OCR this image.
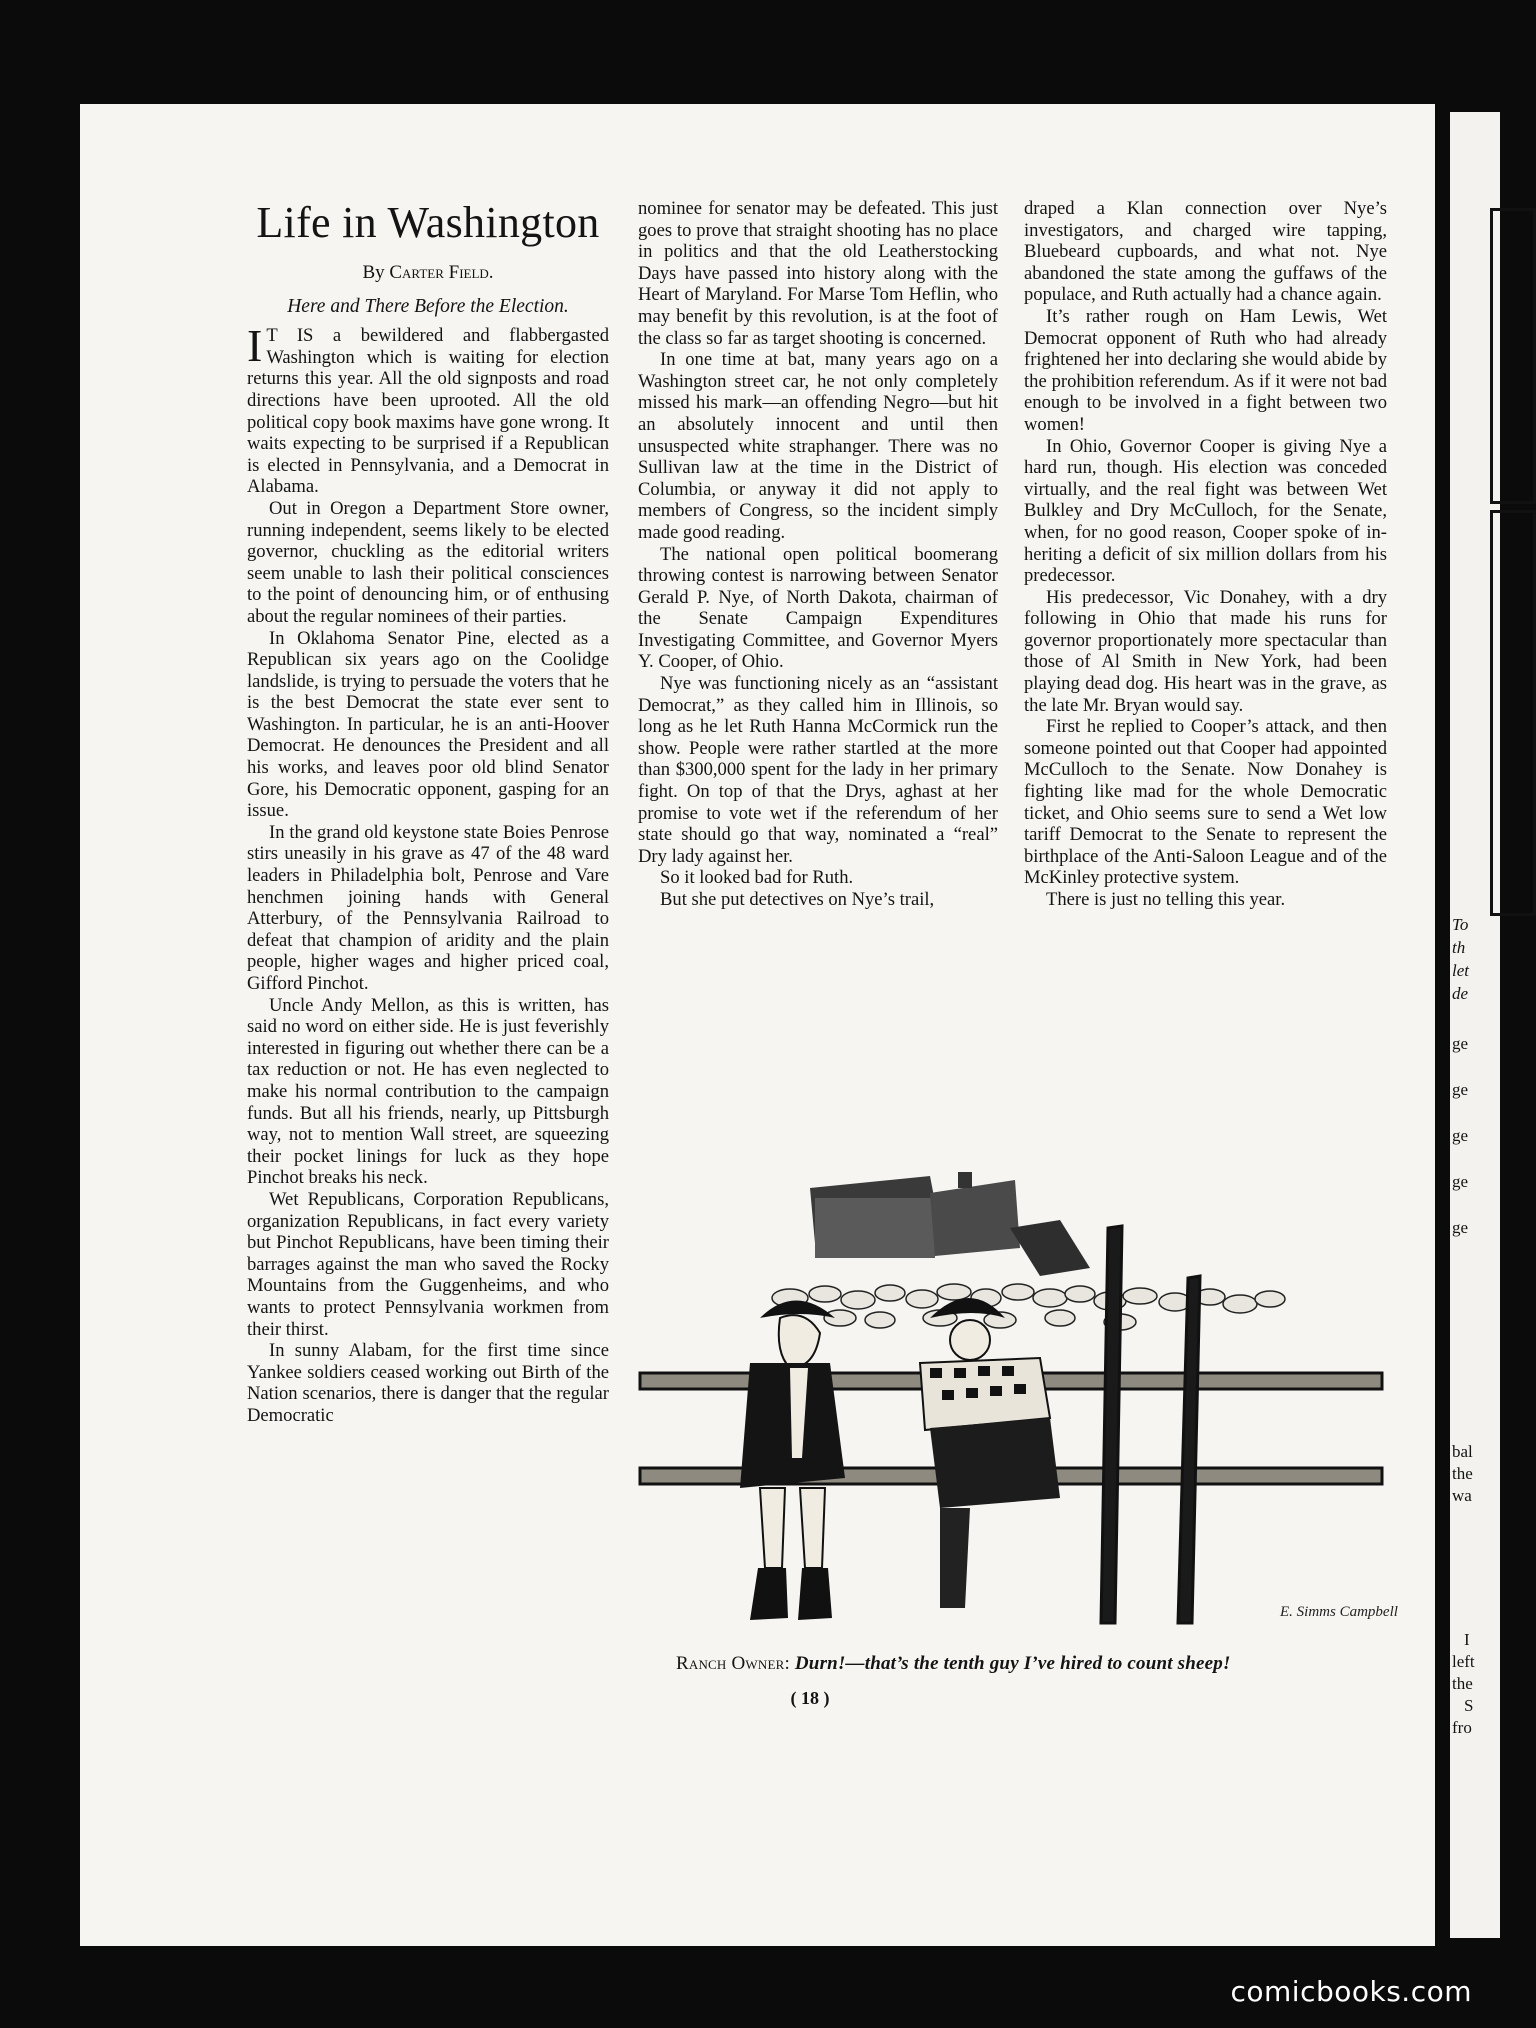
To
th
let
de
ge
ge
ge
ge
ge
bal
the
wa
I
left
the
S
fro
Life in Washington
By Carter Field.
Here and There Before the Election.

I T IS a bewildered and flabbergasted Washington which is waiting for election returns this year. All the old signposts and road directions have been uprooted. All the old political copy book maxims have gone wrong. It waits expecting to be surprised if a Republican is elected in Pennsylvania, and a Democrat in Alabama.

Out in Oregon a Department Store owner, running independent, seems likely to be elected governor, chuckling as the editorial writers seem unable to lash their political consciences to the point of denouncing him, or of enthusing about the regular nominees of their parties.

In Oklahoma Senator Pine, elected as a Republican six years ago on the Coolidge landslide, is trying to persuade the voters that he is the best Democrat the state ever sent to Washington. In particular, he is an anti-Hoover Democrat. He denounces the President and all his works, and leaves poor old blind Senator Gore, his Democratic opponent, gasping for an issue.

In the grand old keystone state Boies Penrose stirs uneasily in his grave as 47 of the 48 ward leaders in Philadelphia bolt, Penrose and Vare henchmen joining hands with General Atterbury, of the Pennsylvania Railroad to defeat that champion of aridity and the plain people, higher wages and higher priced coal, Gifford Pinchot.

Uncle Andy Mellon, as this is written, has said no word on either side. He is just feverishly interested in figuring out whether there can be a tax reduction or not. He has even neglected to make his normal contribution to the campaign funds. But all his friends, nearly, up Pittsburgh way, not to mention Wall street, are squeezing their pocket linings for luck as they hope Pinchot breaks his neck.

Wet Republicans, Corporation Republicans, organization Republicans, in fact every variety but Pinchot Republicans, have been timing their barrages against the man who saved the Rocky Mountains from the Guggenheims, and who wants to protect Pennsylvania workmen from their thirst.

In sunny Alabam, for the first time since Yankee soldiers ceased working out Birth of the Nation scenarios, there is danger that the regular Democratic

nominee for senator may be defeated. This just goes to prove that straight shooting has no place in politics and that the old Leatherstocking Days have passed into history along with the Heart of Maryland. For Marse Tom Heflin, who may benefit by this revolution, is at the foot of the class so far as target shooting is concerned.

In one time at bat, many years ago on a Washington street car, he not only completely missed his mark—an offending Negro—but hit an absolutely innocent and until then unsuspected white straphanger. There was no Sullivan law at the time in the District of Columbia, or anyway it did not apply to members of Congress, so the incident simply made good reading.

The national open political boomerang throwing contest is narrowing between Senator Gerald P. Nye, of North Dakota, chairman of the Senate Campaign Expenditures Investigating Committee, and Governor Myers Y. Cooper, of Ohio.

Nye was functioning nicely as an “assistant Democrat,” as they called him in Illinois, so long as he let Ruth Hanna McCormick run the show. People were rather startled at the more than $300,000 spent for the lady in her primary fight. On top of that the Drys, aghast at her promise to vote wet if the referendum of her state should go that way, nominated a “real” Dry lady against her.

So it looked bad for Ruth.

But she put detectives on Nye’s trail,

draped a Klan connection over Nye’s investigators, and charged wire tapping, Bluebeard cupboards, and what not. Nye abandoned the state among the guffaws of the populace, and Ruth actually had a chance again.

It’s rather rough on Ham Lewis, Wet Democrat opponent of Ruth who had already frightened her into declaring she would abide by the prohibition referendum. As if it were not bad enough to be involved in a fight between two women!

In Ohio, Governor Cooper is giving Nye a hard run, though. His election was conceded virtually, and the real fight was between Wet Bulkley and Dry McCulloch, for the Senate, when, for no good reason, Cooper spoke of inheriting a deficit of six million dollars from his predecessor.

His predecessor, Vic Donahey, with a dry following in Ohio that made his runs for governor proportionately more spectacular than those of Al Smith in New York, had been playing dead dog. His heart was in the grave, as the late Mr. Bryan would say.

First he replied to Cooper’s attack, and then someone pointed out that Cooper had appointed McCulloch to the Senate. Now Donahey is fighting like mad for the whole Democratic ticket, and Ohio seems sure to send a Wet low tariff Democrat to the Senate to represent the birthplace of the Anti-Saloon League and of the McKinley protective system.

There is just no telling this year.

E. Simms Campbell
Ranch Owner: Durn!—that’s the tenth guy I’ve hired to count sheep!
( 18 )
comicbooks.com
